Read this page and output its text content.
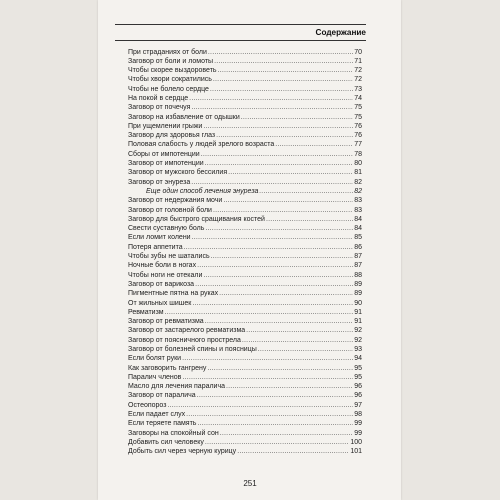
Содержание
При страданиях от боли .....	70
Заговор от боли и ломоты .....	71
Чтобы скорее выздороветь .....	72
Чтобы хвори сократились .....	72
Чтобы не болело сердце .....	73
На покой в сердце .....	74
Заговор от почечуя .....	75
Заговор на избавление от одышки .....	75
При ущемлении грыжи .....	76
Заговор для здоровья глаз .....	76
Половая слабость у людей зрелого возраста .....	77
Сборы от импотенции .....	78
Заговор от импотенции .....	80
Заговор от мужского бессилия .....	81
Заговор от энуреза .....	82
Еще один способ лечения энуреза .....	82
Заговор от недержания мочи .....	83
Заговор от головной боли .....	83
Заговор для быстрого сращивания костей .....	84
Свести суставную боль .....	84
Если ломит колени .....	85
Потеря аппетита .....	86
Чтобы зубы не шатались .....	87
Ночные боли в ногах .....	87
Чтобы ноги не отекали .....	88
Заговор от варикоза .....	89
Пигментные пятна на руках .....	89
От жильных шишек .....	90
Ревматизм .....	91
Заговор от ревматизма .....	91
Заговор от застарелого ревматизма .....	92
Заговор от поясничного прострела .....	92
Заговор от болезней спины и поясницы .....	93
Если болят руки .....	94
Как заговорить гангрену .....	95
Паралич членов .....	95
Масло для лечения паралича .....	96
Заговор от паралича .....	96
Остеопороз .....	97
Если падает слух .....	98
Если теряете память .....	99
Заговоры на спокойный сон .....	99
Добавить сил человеку .....	100
Добыть сил через черную курицу .....	101
251
